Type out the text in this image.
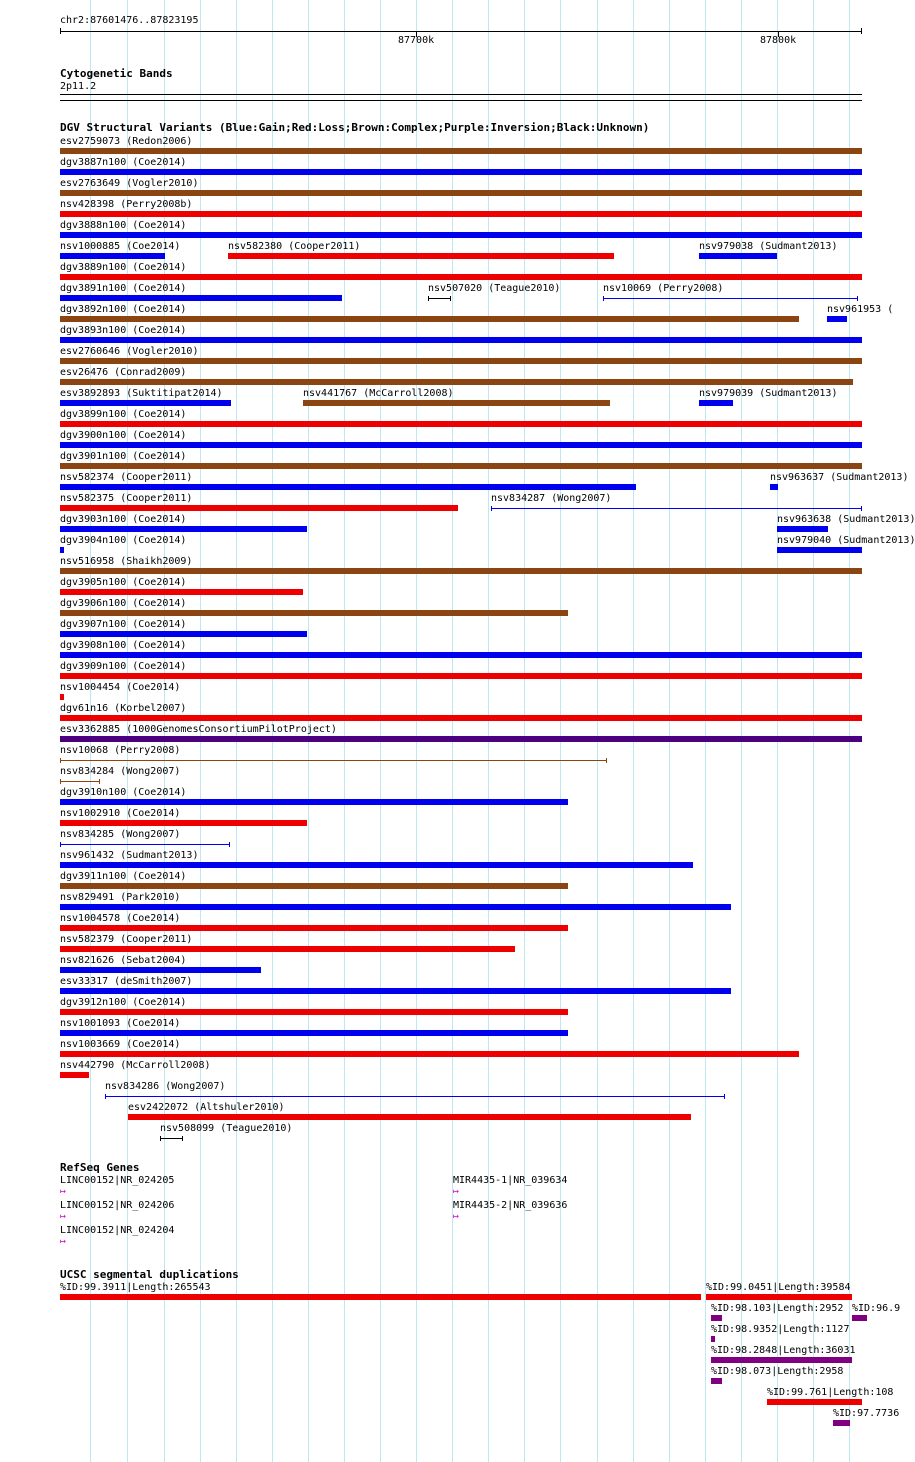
chr2:87601476..87823195
87700k	87800k
Cytogenetic Bands
2p11.2
DGV Structural Variants (Blue:Gain;Red:Loss;Brown:Complex;Purple:Inversion;Black:Unknown)
esv2759073 (Redon2006)
dgv3887n100 (Coe2014)
esv2763649 (Vogler2010)
nsv428398 (Perry2008b)
dgv3888n100 (Coe2014)
nsv1000885 (Coe2014)	nsv582380 (Cooper2011)	nsv979038 (Sudmant2013)
dgv3889n100 (Coe2014)
dgv3891n100 (Coe2014)	nsv507020 (Teague2010)	nsv10069 (Perry2008)
dgv3892n100 (Coe2014)	nsv961953 (
dgv3893n100 (Coe2014)
esv2760646 (Vogler2010)
esv26476 (Conrad2009)
esv3892893 (Suktitipat2014)	nsv441767 (McCarroll2008)	nsv979039 (Sudmant2013)
dgv3899n100 (Coe2014)
dgv3900n100 (Coe2014)
dgv3901n100 (Coe2014)
nsv582374 (Cooper2011)	nsv963637 (Sudmant2013)
nsv582375 (Cooper2011)	nsv834287 (Wong2007)
dgv3903n100 (Coe2014)	nsv963638 (Sudmant2013)
dgv3904n100 (Coe2014)	nsv979040 (Sudmant2013)
nsv516958 (Shaikh2009)
dgv3905n100 (Coe2014)
dgv3906n100 (Coe2014)
dgv3907n100 (Coe2014)
dgv3908n100 (Coe2014)
dgv3909n100 (Coe2014)
nsv1004454 (Coe2014)
dgv61n16 (Korbel2007)
esv3362885 (1000GenomesConsortiumPilotProject)
nsv10068 (Perry2008)
nsv834284 (Wong2007)
dgv3910n100 (Coe2014)
nsv1002910 (Coe2014)
nsv834285 (Wong2007)
nsv961432 (Sudmant2013)
dgv3911n100 (Coe2014)
nsv829491 (Park2010)
nsv1004578 (Coe2014)
nsv582379 (Cooper2011)
nsv821626 (Sebat2004)
esv33317 (deSmith2007)
dgv3912n100 (Coe2014)
nsv1001093 (Coe2014)
nsv1003669 (Coe2014)
nsv442790 (McCarroll2008)
nsv834286 (Wong2007)
esv2422072 (Altshuler2010)
nsv508099 (Teague2010)
RefSeq Genes
LINC00152|NR_024205
↦
MIR4435-1|NR_039634
↦
LINC00152|NR_024206
↦
MIR4435-2|NR_039636
↦
LINC00152|NR_024204
↦
UCSC segmental duplications
%ID:99.3911|Length:265543	%ID:99.0451|Length:39584
%ID:98.103|Length:2952 %ID:96.9
%ID:98.9352|Length:1127
%ID:98.2848|Length:36031
%ID:98.073|Length:2958
%ID:99.761|Length:108
%ID:97.7736
